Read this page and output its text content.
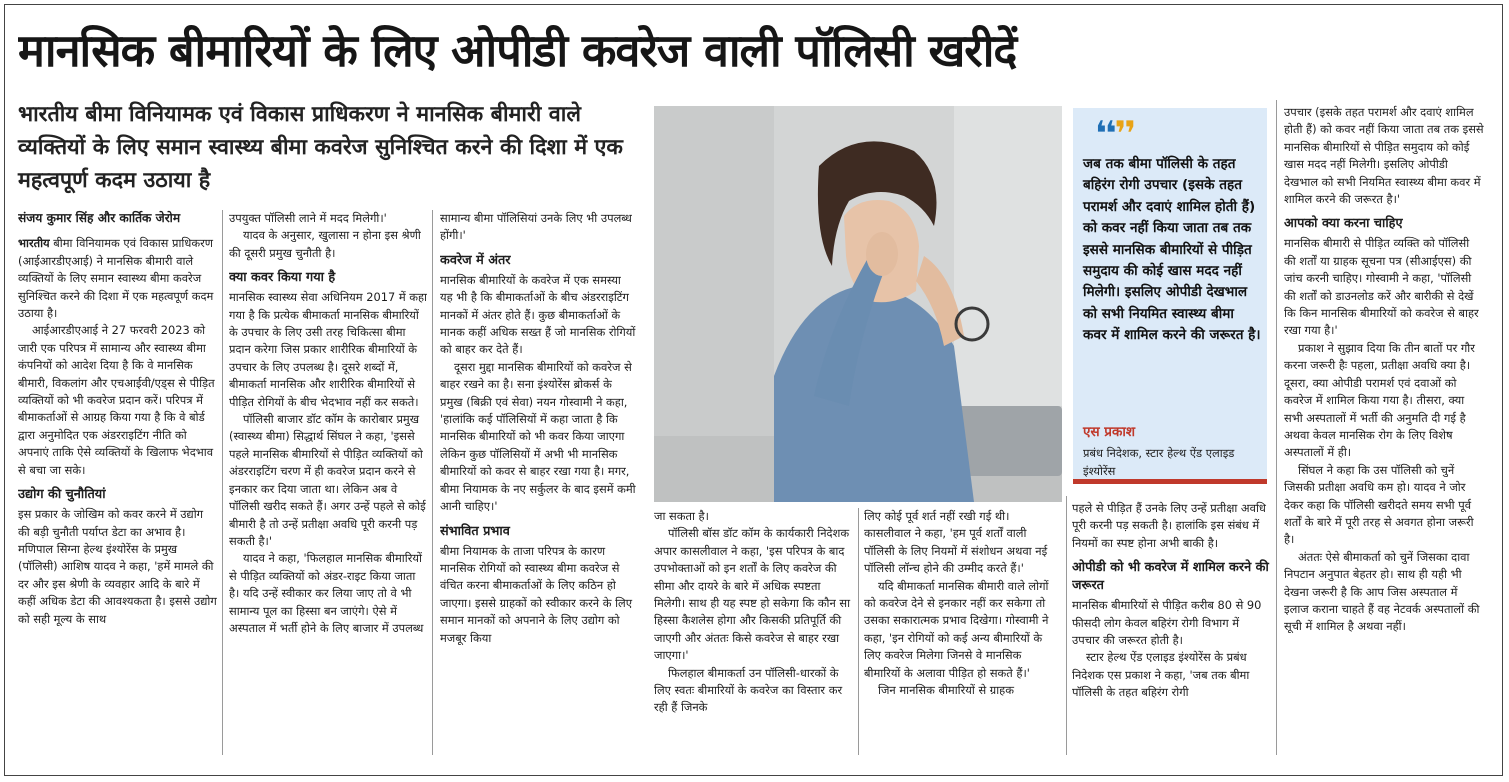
मानसिक बीमारियों के लिए ओपीडी कवरेज वाली पॉलिसी खरीदें
भारतीय बीमा विनियामक एवं विकास प्राधिकरण ने मानसिक बीमारी वाले व्यक्तियों के लिए समान स्वास्थ्य बीमा कवरेज सुनिश्चित करने की दिशा में एक महत्वपूर्ण कदम उठाया है

संजय कुमार सिंह और कार्तिक जेरोम

भारतीय बीमा विनियामक एवं विकास प्राधिकरण (आईआरडीएआई) ने मानसिक बीमारी वाले व्यक्तियों के लिए समान स्वास्थ्य बीमा कवरेज सुनिश्चित करने की दिशा में एक महत्वपूर्ण कदम उठाया है।

आईआरडीएआई ने 27 फरवरी 2023 को जारी एक परिपत्र में सामान्य और स्वास्थ्य बीमा कंपनियों को आदेश दिया है कि वे मानसिक बीमारी, विकलांग और एचआईवी/एड्स से पीड़ित व्यक्तियों को भी कवरेज प्रदान करें। परिपत्र में बीमाकर्ताओं से आग्रह किया गया है कि वे बोर्ड द्वारा अनुमोदित एक अंडरराइटिंग नीति को अपनाएं ताकि ऐसे व्यक्तियों के खिलाफ भेदभाव से बचा जा सके।

उद्योग की चुनौतियां

इस प्रकार के जोखिम को कवर करने में उद्योग की बड़ी चुनौती पर्याप्त डेटा का अभाव है। मणिपाल सिग्ना हेल्थ इंश्योरेंस के प्रमुख (पॉलिसी) आशिष यादव ने कहा, 'हमें मामले की दर और इस श्रेणी के व्यवहार आदि के बारे में कहीं अधिक डेटा की आवश्यकता है। इससे उद्योग को सही मूल्य के साथ

उपयुक्त पॉलिसी लाने में मदद मिलेगी।'

यादव के अनुसार, खुलासा न होना इस श्रेणी की दूसरी प्रमुख चुनौती है।

क्या कवर किया गया है

मानसिक स्वास्थ्य सेवा अधिनियम 2017 में कहा गया है कि प्रत्येक बीमाकर्ता मानसिक बीमारियों के उपचार के लिए उसी तरह चिकित्सा बीमा प्रदान करेगा जिस प्रकार शारीरिक बीमारियों के उपचार के लिए उपलब्ध है। दूसरे शब्दों में, बीमाकर्ता मानसिक और शारीरिक बीमारियों से पीड़ित रोगियों के बीच भेदभाव नहीं कर सकते।

पॉलिसी बाजार डॉट कॉम के कारोबार प्रमुख (स्वास्थ्य बीमा) सिद्धार्थ सिंघल ने कहा, 'इससे पहले मानसिक बीमारियों से पीड़ित व्यक्तियों को अंडरराइटिंग चरण में ही कवरेज प्रदान करने से इनकार कर दिया जाता था। लेकिन अब वे पॉलिसी खरीद सकते हैं। अगर उन्हें पहले से कोई बीमारी है तो उन्हें प्रतीक्षा अवधि पूरी करनी पड़ सकती है।'

यादव ने कहा, 'फिलहाल मानसिक बीमारियों से पीड़ित व्यक्तियों को अंडर-राइट किया जाता है। यदि उन्हें स्वीकार कर लिया जाए तो वे भी सामान्य पूल का हिस्सा बन जाएंगे। ऐसे में अस्पताल में भर्ती होने के लिए बाजार में उपलब्ध

सामान्य बीमा पॉलिसियां उनके लिए भी उपलब्ध होंगी।'

कवरेज में अंतर

मानसिक बीमारियों के कवरेज में एक समस्या यह भी है कि बीमाकर्ताओं के बीच अंडरराइटिंग मानकों में अंतर होते हैं। कुछ बीमाकर्ताओं के मानक कहीं अधिक सख्त हैं जो मानसिक रोगियों को बाहर कर देते हैं।

दूसरा मुद्दा मानसिक बीमारियों को कवरेज से बाहर रखने का है। सना इंश्योरेंस ब्रोकर्स के प्रमुख (बिक्री एवं सेवा) नयन गोस्वामी ने कहा, 'हालांकि कई पॉलिसियों में कहा जाता है कि मानसिक बीमारियों को भी कवर किया जाएगा लेकिन कुछ पॉलिसियों में अभी भी मानसिक बीमारियों को कवर से बाहर रखा गया है। मगर, बीमा नियामक के नए सर्कुलर के बाद इसमें कमी आनी चाहिए।'

संभावित प्रभाव

बीमा नियामक के ताजा परिपत्र के कारण मानसिक रोगियों को स्वास्थ्य बीमा कवरेज से वंचित करना बीमाकर्ताओं के लिए कठिन हो जाएगा। इससे ग्राहकों को स्वीकार करने के लिए समान मानकों को अपनाने के लिए उद्योग को मजबूर किया

जा सकता है।

पॉलिसी बॉस डॉट कॉम के कार्यकारी निदेशक अपार कासलीवाल ने कहा, 'इस परिपत्र के बाद उपभोक्ताओं को इन शर्तों के लिए कवरेज की सीमा और दायरे के बारे में अधिक स्पष्टता मिलेगी। साथ ही यह स्पष्ट हो सकेगा कि कौन सा हिस्सा कैशलेस होगा और किसकी प्रतिपूर्ति की जाएगी और अंततः किसे कवरेज से बाहर रखा जाएगा।'

फिलहाल बीमाकर्ता उन पॉलिसी-धारकों के लिए स्वतः बीमारियों के कवरेज का विस्तार कर रही हैं जिनके

लिए कोई पूर्व शर्त नहीं रखी गई थी। कासलीवाल ने कहा, 'हम पूर्व शर्तों वाली पॉलिसी के लिए नियमों में संशोधन अथवा नई पॉलिसी लॉन्च होने की उम्मीद करते हैं।'

यदि बीमाकर्ता मानसिक बीमारी वाले लोगों को कवरेज देने से इनकार नहीं कर सकेगा तो उसका सकारात्मक प्रभाव दिखेगा। गोस्वामी ने कहा, 'इन रोगियों को कई अन्य बीमारियों के लिए कवरेज मिलेगा जिनसे वे मानसिक बीमारियों के अलावा पीड़ित हो सकते हैं।'

जिन मानसिक बीमारियों से ग्राहक

❛❛❜❜
जब तक बीमा पॉलिसी के तहत बहिरंग रोगी उपचार (इसके तहत परामर्श और दवाएं शामिल होती हैं) को कवर नहीं किया जाता तब तक इससे मानसिक बीमारियों से पीड़ित समुदाय की कोई खास मदद नहीं मिलेगी। इसलिए ओपीडी देखभाल को सभी नियमित स्वास्थ्य बीमा कवर में शामिल करने की जरूरत है।
एस प्रकाश
प्रबंध निदेशक, स्टार हेल्थ ऐंड एलाइड इंश्योरेंस

पहले से पीड़ित हैं उनके लिए उन्हें प्रतीक्षा अवधि पूरी करनी पड़ सकती है। हालांकि इस संबंध में नियमों का स्पष्ट होना अभी बाकी है।

ओपीडी को भी कवरेज में शामिल करने की जरूरत

मानसिक बीमारियों से पीड़ित करीब 80 से 90 फीसदी लोग केवल बहिरंग रोगी विभाग में उपचार की जरूरत होती है।

स्टार हेल्थ ऐंड एलाइड इंश्योरेंस के प्रबंध निदेशक एस प्रकाश ने कहा, 'जब तक बीमा पॉलिसी के तहत बहिरंग रोगी

उपचार (इसके तहत परामर्श और दवाएं शामिल होती हैं) को कवर नहीं किया जाता तब तक इससे मानसिक बीमारियों से पीड़ित समुदाय को कोई खास मदद नहीं मिलेगी। इसलिए ओपीडी देखभाल को सभी नियमित स्वास्थ्य बीमा कवर में शामिल करने की जरूरत है।'

आपको क्या करना चाहिए

मानसिक बीमारी से पीड़ित व्यक्ति को पॉलिसी की शर्तों या ग्राहक सूचना पत्र (सीआईएस) की जांच करनी चाहिए। गोस्वामी ने कहा, 'पॉलिसी की शर्तों को डाउनलोड करें और बारीकी से देखें कि किन मानसिक बीमारियों को कवरेज से बाहर रखा गया है।'

प्रकाश ने सुझाव दिया कि तीन बातों पर गौर करना जरूरी हैः पहला, प्रतीक्षा अवधि क्या है। दूसरा, क्या ओपीडी परामर्श एवं दवाओं को कवरेज में शामिल किया गया है। तीसरा, क्या सभी अस्पतालों में भर्ती की अनुमति दी गई है अथवा केवल मानसिक रोग के लिए विशेष अस्पतालों में ही।

सिंघल ने कहा कि उस पॉलिसी को चुनें जिसकी प्रतीक्षा अवधि कम हो। यादव ने जोर देकर कहा कि पॉलिसी खरीदते समय सभी पूर्व शर्तों के बारे में पूरी तरह से अवगत होना जरूरी है।

अंततः ऐसे बीमाकर्ता को चुनें जिसका दावा निपटान अनुपात बेहतर हो। साथ ही यही भी देखना जरूरी है कि आप जिस अस्पताल में इलाज कराना चाहते हैं वह नेटवर्क अस्पतालों की सूची में शामिल है अथवा नहीं।
